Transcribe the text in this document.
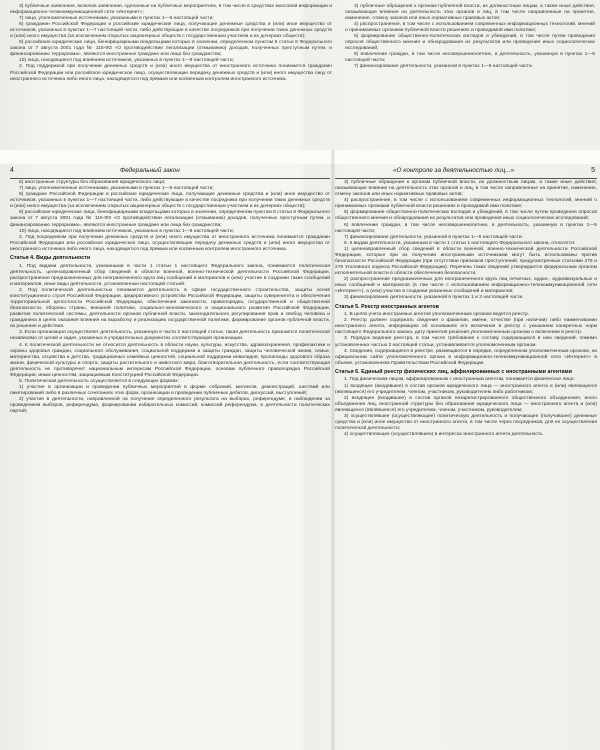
3) публичные заявления, включая заявления, сделанные на публичных мероприятиях, в том числе в средствах массовой информации и информационно-телекоммуникационной сети «Интернет»;

7) лица, уполномоченные источниками, указанными в пунктах 1—6 настоящей части;

8) гражданин Российской Федерации и российские юридические лица, получающие денежные средства и (или) иное имущество от источников, указанных в пунктах 1—7 настоящей части, либо действующие в качестве посредников при получении таких денежных средств и (или) иного имущества (за исключением открытых акционерных обществ с государственным участием и их дочерних обществ);

9) российские юридические лица, бенефициарными владельцами которых в значении, определенном пунктом 8 статьи 6 Федерального закона от 7 августа 2001 года № 115-ФЗ «О противодействии легализации (отмыванию) доходов, полученных преступным путем, и финансированию терроризма», являются иностранные граждане или лица без гражданства;

10) лица, находящиеся под влиянием источников, указанных в пунктах 1—9 настоящей части;

2. Под поддержкой при получении денежных средств и (или) иного имущества от иностранного источника понимается гражданин Российской Федерации или российское юридическое лицо, осуществляющие передачу денежных средств и (или) иного имущества лицу от иностранного источника либо иного лица, находящегося под прямым или косвенным контролем иностранного источника.

3) публичные обращения к органам публичной власти, их должностным лицам, а также иные действия, оказывающие влияние на деятельность этих органов и лиц, в том числе направленные на принятие, изменение, отмену законов или иных нормативных правовых актов;

4) распространение, в том числе с использованием современных информационных технологий, мнений о принимаемых органами публичной власти решениях и проводимой ими политике;

5) формирование общественно-политических взглядов и убеждений, в том числе путем проведения опросов общественного мнения и обнародования их результатов или проведения иных социологических исследований;

6) вовлечение граждан, в том числе несовершеннолетних, в деятельность, указанную в пунктах 1—5 настоящей части;

7) финансирование деятельности, указанной в пунктах 1—6 настоящей части.

4	Федеральный закон	«О контроле за деятельностью лиц...»	5

6) иностранные структуры без образования юридического лица;

7) лица, уполномоченные источниками, указанными в пунктах 1—6 настоящей части;

8) граждане Российской Федерации и российские юридические лица, получающие денежные средства и (или) иное имущество от источников, указанных в пунктах 1—7 настоящей части, либо действующие в качестве посредника при получении таких денежных средств и (или) иного имущества (за исключением открытых акционерных обществ с государственным участием и их дочерних обществ);

9) российские юридические лица, бенефициарными владельцами которых в значении, определенном пунктом 8 статьи 6 Федерального закона от 7 августа 2001 года № 115-ФЗ «О противодействии легализации (отмыванию) доходов, полученных преступным путем, и финансированию терроризма», являются иностранные граждане или лица без гражданства;

10) лица, находящиеся под влиянием источников, указанных в пунктах 1—9 настоящей части;

2. Под посредником при получении денежных средств и (или) иного имущества от иностранного источника понимается гражданин Российской Федерации или российское юридическое лицо, осуществляющие передачу денежных средств и (или) иного имущества от иностранного источника либо иного лица, находящегося под прямым или косвенным контролем иностранного источника.

Статья 4. Виды деятельности

1. Под видами деятельности, указанными в части 1 статьи 1 настоящего Федерального закона, понимаются политическая деятельность, целенаправленный сбор сведений в области военной, военно-технической деятельности Российской Федерации, распространение предназначенных для неограниченного круга лиц сообщений и материалов и (или) участие в создании таких сообщений и материалов, иные виды деятельности, установленные настоящей статьей.

2. Под политической деятельностью понимается деятельность в сфере государственного строительства, защиты основ конституционного строя Российской Федерации, федеративного устройства Российской Федерации, защиты суверенитета и обеспечения территориальной целостности Российской Федерации, обеспечения законности, правопорядка, государственной и общественной безопасности, обороны страны, внешней политики, социально-экономического и национального развития Российской Федерации, развития политической системы, деятельности органов публичной власти, законодательного регулирования прав и свобод человека и гражданина в целях оказания влияния на выработку и реализацию государственной политики, формирование органов публичной власти, их решения и действия.

3. Если организация осуществляет деятельность, указанную в части 2 настоящей статьи, такая деятельность признается политической независимо от целей и задач, указанных в учредительных документах соответствующей организации.

4. К политической деятельности не относится деятельность в области науки, культуры, искусства, здравоохранения, профилактики и охраны здоровья граждан, социального обслуживания, социальной поддержки и защиты граждан, защиты человеческой жизни, семьи, материнства, отцовства и детства, традиционных семейных ценностей, социальной поддержки инвалидов, пропаганды здорового образа жизни, физической культуры и спорта, защиты растительного и животного мира, благотворительная деятельность, если соответствующая деятельность не противоречит национальным интересам Российской Федерации, основам публичного правопорядка Российской Федерации, иным ценностям, защищаемым Конституцией Российской Федерации.

5. Политическая деятельность осуществляется в следующих формах:

1) участие в организации и проведении публичных мероприятий в форме собраний, митингов, демонстраций, шествий или пикетирований либо в различных сочетаниях этих форм, организации и проведении публичных дебатов, дискуссий, выступлений;

2) участие в деятельности, направленной на получение определенного результата на выборах, референдуме, в наблюдении за проведением выборов, референдума, формировании избирательных комиссий, комиссий референдума, в деятельности политических партий;

3) публичные обращения к органам публичной власти, их должностным лицам, а также иные действия, оказывающие влияние на деятельность этих органов и лиц, в том числе направленные на принятие, изменение, отмену законов или иных нормативных правовых актов;

4) распространение, в том числе с использованием современных информационных технологий, мнений о принимаемых органами публичной власти решениях и проводимой ими политике;

5) формирование общественно-политических взглядов и убеждений, в том числе путем проведения опросов общественного мнения и обнародования их результатов или проведения иных социологических исследований;

6) вовлечение граждан, в том числе несовершеннолетних, в деятельность, указанную в пунктах 1—5 настоящей части;

7) финансирование деятельности, указанной в пунктах 1—6 настоящей части.

6. К видам деятельности, указанным в части 1 статьи 1 настоящего Федерального закона, относятся:

1) целенаправленный сбор сведений в области военной, военно-технической деятельности Российской Федерации, которые при их получении иностранными источниками могут быть использованы против безопасности Российской Федерации (при отсутствии признаков преступлений, предусмотренных статьями 275 и 276 Уголовного кодекса Российской Федерации). Перечень таких сведений утверждается федеральным органом исполнительной власти в области обеспечения безопасности;

2) распространение предназначенных для неограниченного круга лиц печатных, аудио-, аудиовизуальных и иных сообщений и материалов (в том числе с использованием информационно-телекоммуникационной сети «Интернет»), а (или) участие в создании указанных сообщений и материалов;

3) финансирование деятельности, указанной в пунктах 1 и 2 настоящей части.

Статья 5. Реестр иностранных агентов

1. В целях учета иностранных агентов уполномоченным органом ведется реестр.

2. Реестр должен содержать сведения о фамилии, имени, отчестве (при наличии) либо наименовании иностранного агента, информацию об основаниях его включения в реестр с указанием конкретных норм настоящего Федерального закона, дату принятия решения уполномоченным органом о включении в реестр.

3. Порядок ведения реестра, в том числе требования к составу содержащихся в нем сведений, помимо установленных частью 2 настоящей статьи, устанавливается уполномоченным органом.

4. Сведения, содержащиеся в реестре, размещаются в порядке, определенном уполномоченным органом, на официальном сайте уполномоченного органа в информационно-телекоммуникационной сети «Интернет» в объеме, установленном Правительством Российской Федерации.

Статья 6. Единый реестр физических лиц, аффилированных с иностранными агентами

1. Под физическим лицом, аффилированным с иностранным агентом, понимается физическое лицо:

1) входящее (входившее) в состав органов юридического лица — иностранного агента и (или) являющееся (являвшееся) его учредителем, членом, участником, руководителем либо работником;

2) входящее (входившее) в состав органов незарегистрированного общественного объединения, иного объединения лиц, иностранной структуры без образования юридического лица — иностранного агента и (или) являющееся (являвшееся) его учредителем, членом, участником, руководителем;

3) осуществлявшее (осуществляющее) политическую деятельность и получающее (получавшее) денежные средства и (или) иное имущество от иностранного агента, в том числе через посредников, для ее осуществления политической деятельности;

4) осуществляющее (осуществлявшее) в интересах иностранного агента деятельность
